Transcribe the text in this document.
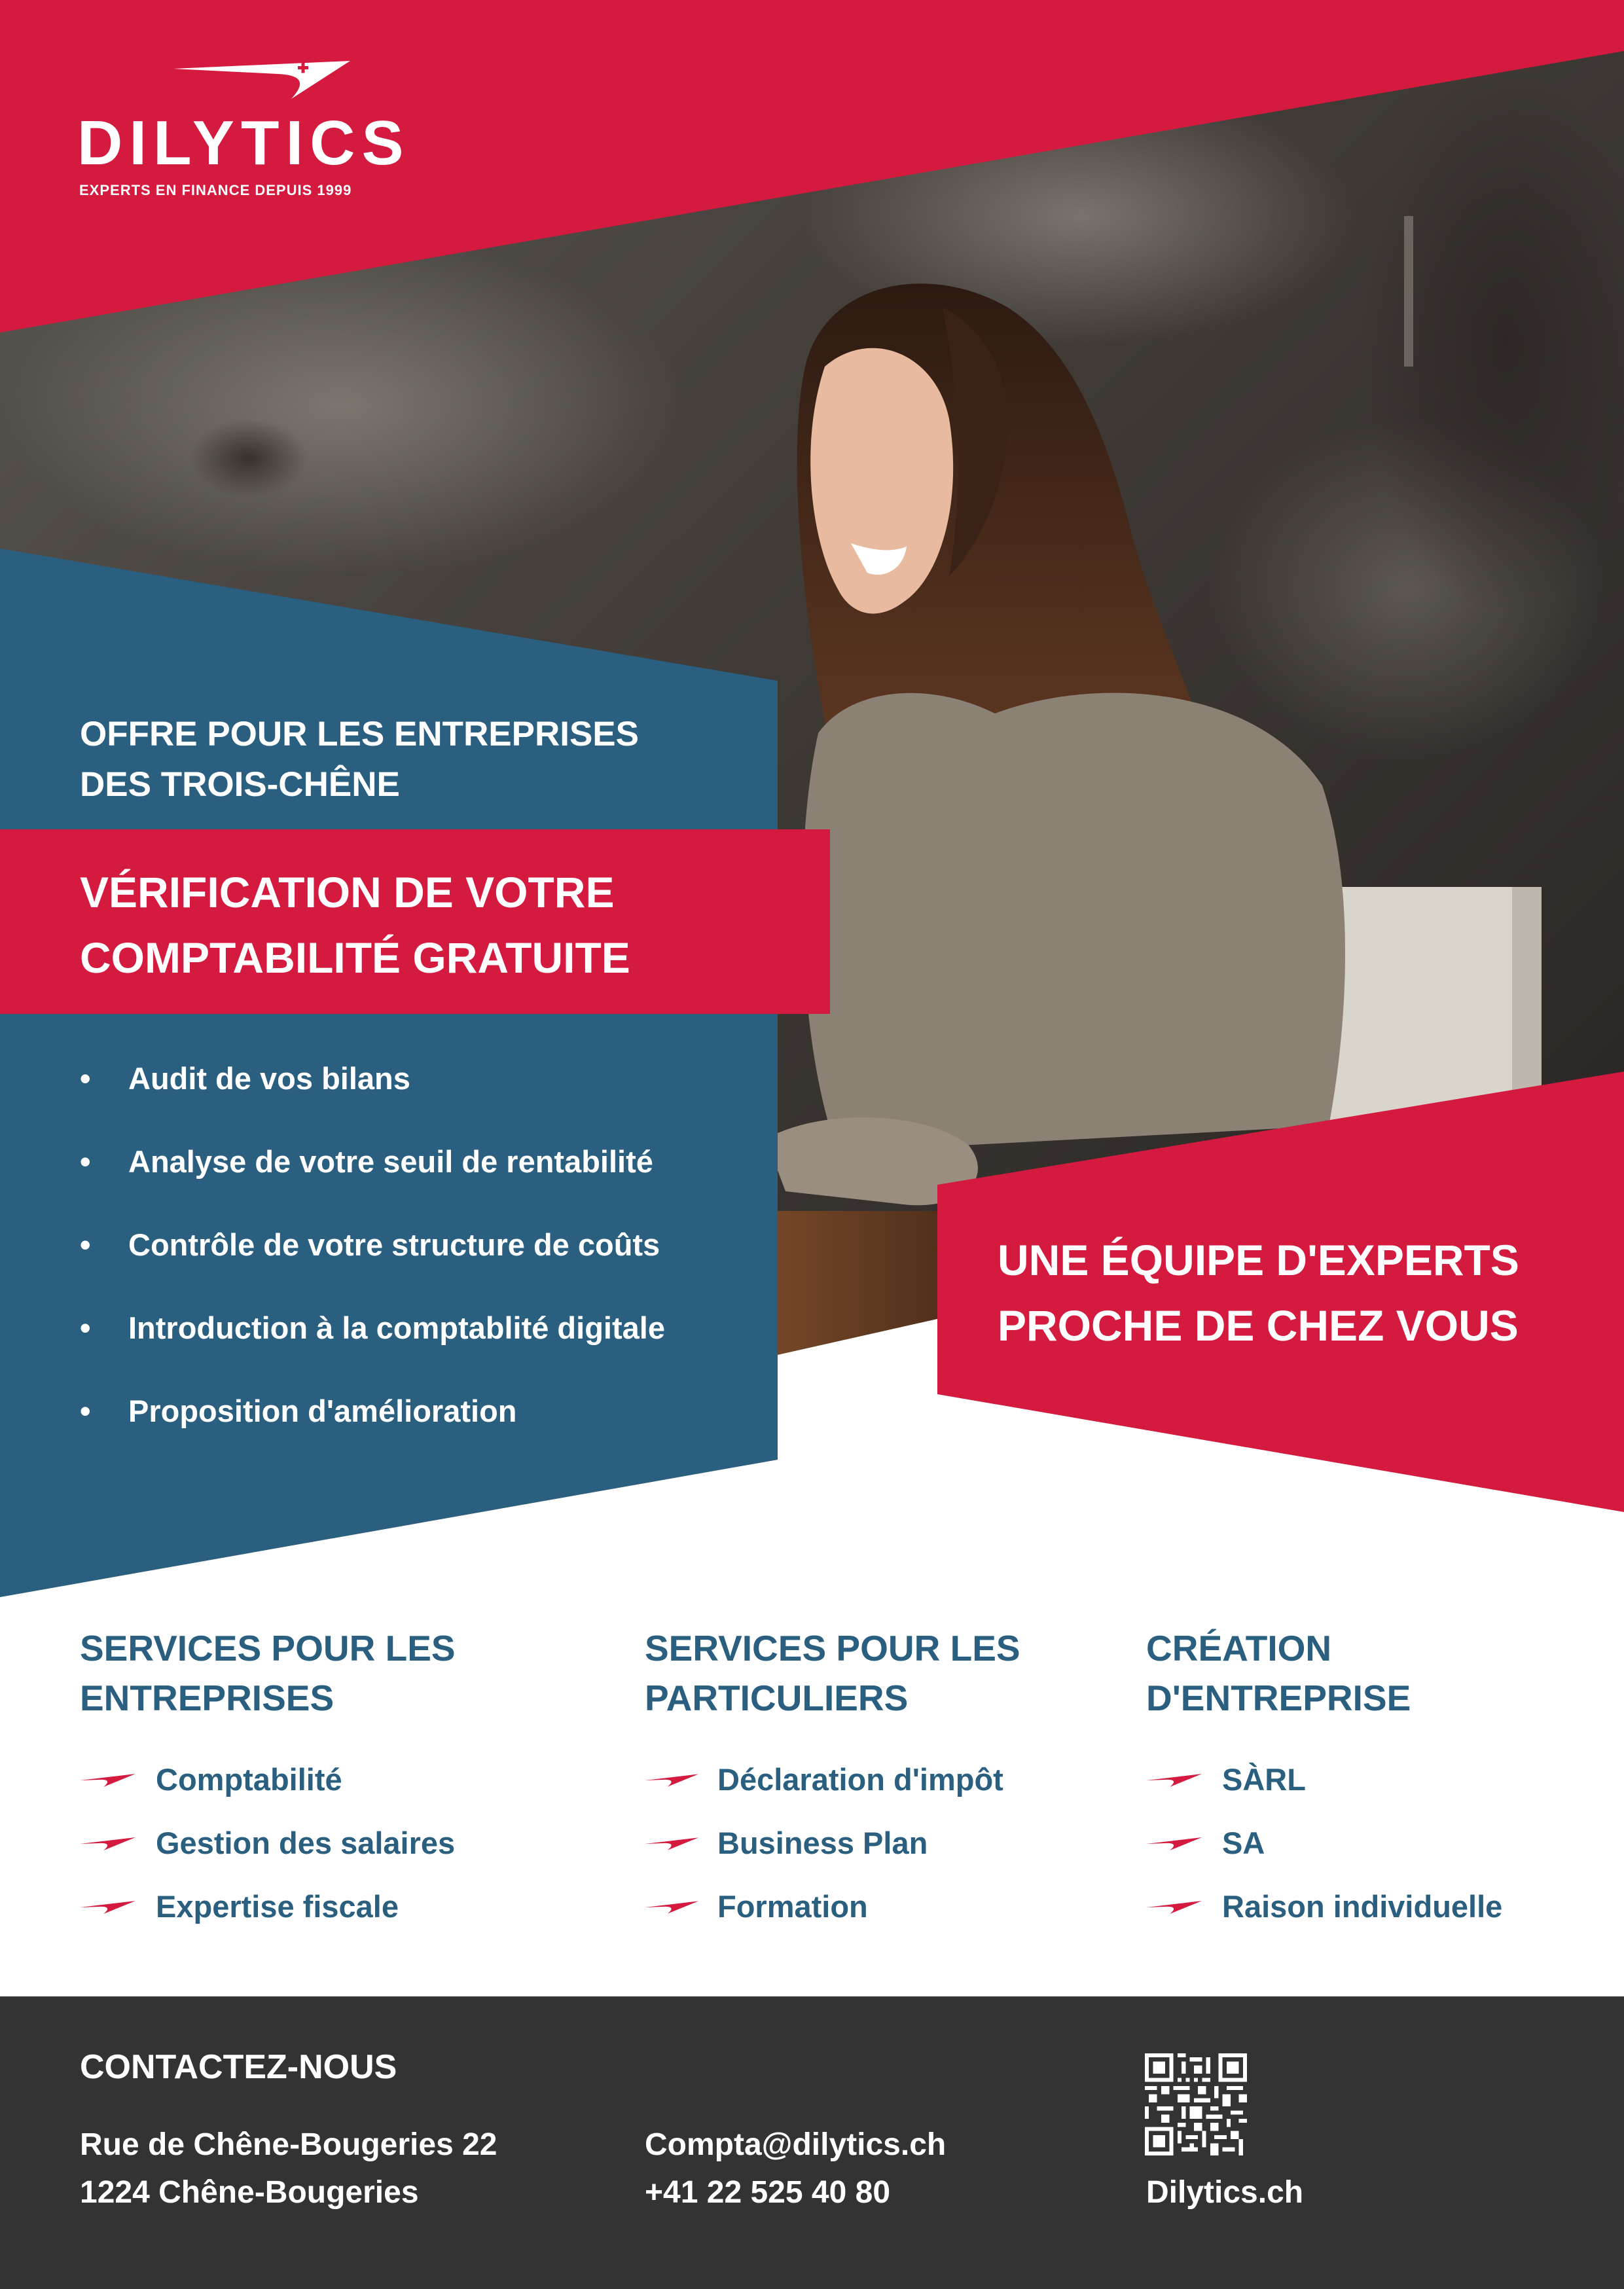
DILYTICS
EXPERTS EN FINANCE DEPUIS 1999
OFFRE POUR LES ENTREPRISES
DES TROIS-CHÊNE
VÉRIFICATION DE VOTRE
COMPTABILITÉ GRATUITE
• Audit de vos bilans
• Analyse de votre seuil de rentabilité
• Contrôle de votre structure de coûts
• Introduction à la comptablité digitale
• Proposition d'amélioration
UNE ÉQUIPE D'EXPERTS
PROCHE DE CHEZ VOUS
SERVICES POUR LES
ENTREPRISES
Comptabilité
Gestion des salaires
Expertise fiscale
SERVICES POUR LES
PARTICULIERS
Déclaration d'impôt
Business Plan
Formation
CRÉATION
D'ENTREPRISE
SÀRL
SA
Raison individuelle
CONTACTEZ-NOUS
Rue de Chêne-Bougeries 22
1224 Chêne-Bougeries
Compta@dilytics.ch
+41 22 525 40 80	Dilytics.ch
